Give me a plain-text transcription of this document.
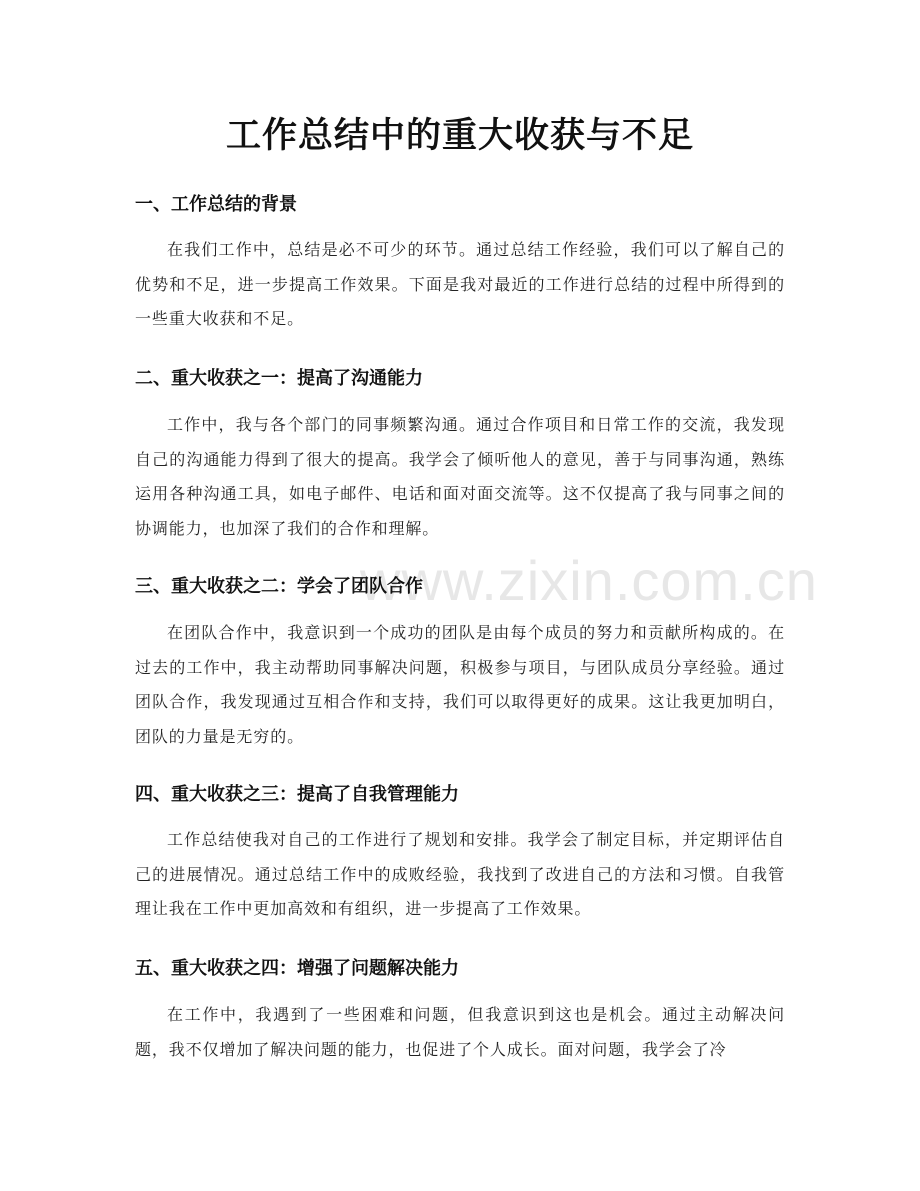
www.zixin.com.cn
工作总结中的重大收获与不足
一、工作总结的背景
在我们工作中，总结是必不可少的环节。通过总结工作经验，我们可以了解自己的优势和不足，进一步提高工作效果。下面是我对最近的工作进行总结的过程中所得到的一些重大收获和不足。
二、重大收获之一：提高了沟通能力
工作中，我与各个部门的同事频繁沟通。通过合作项目和日常工作的交流，我发现自己的沟通能力得到了很大的提高。我学会了倾听他人的意见，善于与同事沟通，熟练运用各种沟通工具，如电子邮件、电话和面对面交流等。这不仅提高了我与同事之间的协调能力，也加深了我们的合作和理解。
三、重大收获之二：学会了团队合作
在团队合作中，我意识到一个成功的团队是由每个成员的努力和贡献所构成的。在过去的工作中，我主动帮助同事解决问题，积极参与项目，与团队成员分享经验。通过团队合作，我发现通过互相合作和支持，我们可以取得更好的成果。这让我更加明白，团队的力量是无穷的。
四、重大收获之三：提高了自我管理能力
工作总结使我对自己的工作进行了规划和安排。我学会了制定目标，并定期评估自己的进展情况。通过总结工作中的成败经验，我找到了改进自己的方法和习惯。自我管理让我在工作中更加高效和有组织，进一步提高了工作效果。
五、重大收获之四：增强了问题解决能力
在工作中，我遇到了一些困难和问题，但我意识到这也是机会。通过主动解决问题，我不仅增加了解决问题的能力，也促进了个人成长。面对问题，我学会了冷
